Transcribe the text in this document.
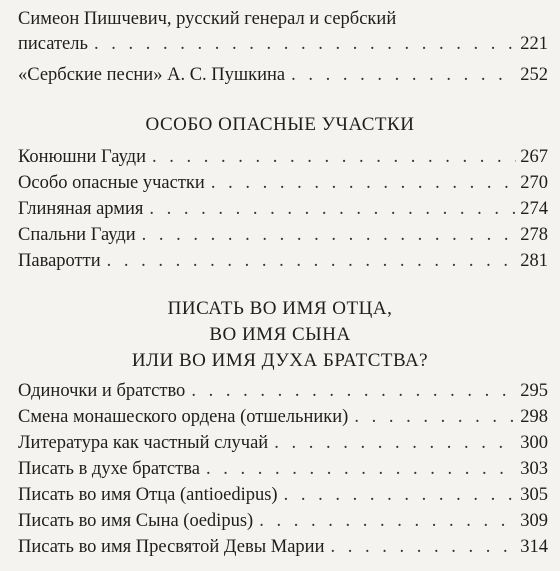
Симеон Пишчевич, русский генерал и сербский
писатель . . .	221
«Сербские песни» А. С. Пушкина . . .	252
ОСОБО ОПАСНЫЕ УЧАСТКИ
Конюшни Гауди . . .	267
Особо опасные участки . . .	270
Глиняная армия . . .	274
Спальни Гауди . . .	278
Паваротти . . .	281
ПИСАТЬ ВО ИМЯ ОТЦА,
ВО ИМЯ СЫНА
ИЛИ ВО ИМЯ ДУХА БРАТСТВА?
Одиночки и братство . . .	295
Смена монашеского ордена (отшельники) . . .	298
Литература как частный случай . . .	300
Писать в духе братства . . .	303
Писать во имя Отца (antioedipus) . . .	305
Писать во имя Сына (oedipus) . . .	309
Писать во имя Пресвятой Девы Марии . . .	314
